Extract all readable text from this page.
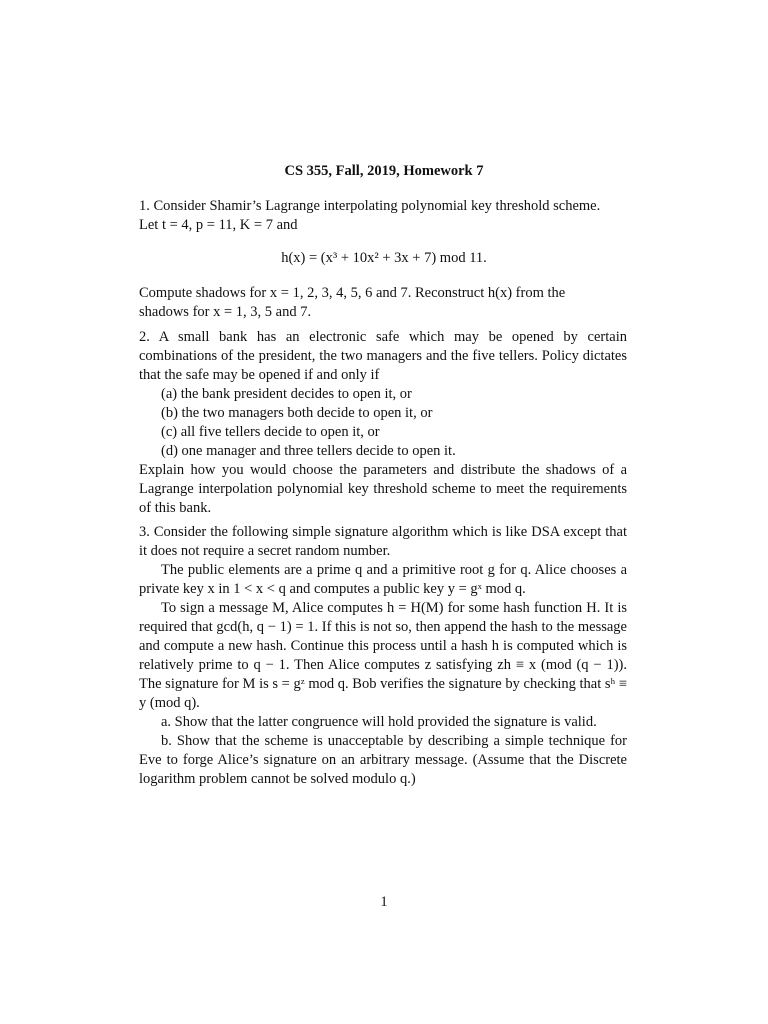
CS 355, Fall, 2019, Homework 7

1. Consider Shamir’s Lagrange interpolating polynomial key threshold scheme.

Let t = 4, p = 11, K = 7 and

h(x) = (x³ + 10x² + 3x + 7) mod 11.

Compute shadows for x = 1, 2, 3, 4, 5, 6 and 7. Reconstruct h(x) from the

shadows for x = 1, 3, 5 and 7.

2. A small bank has an electronic safe which may be opened by certain combinations of the president, the two managers and the five tellers. Policy dictates that the safe may be opened if and only if

(a) the bank president decides to open it, or

(b) the two managers both decide to open it, or

(c) all five tellers decide to open it, or

(d) one manager and three tellers decide to open it.

Explain how you would choose the parameters and distribute the shadows of a Lagrange interpolation polynomial key threshold scheme to meet the requirements of this bank.

3. Consider the following simple signature algorithm which is like DSA except that it does not require a secret random number.

The public elements are a prime q and a primitive root g for q. Alice chooses a private key x in 1 < x < q and computes a public key y = gˣ mod q.

To sign a message M, Alice computes h = H(M) for some hash function H. It is required that gcd(h, q − 1) = 1. If this is not so, then append the hash to the message and compute a new hash. Continue this process until a hash h is computed which is relatively prime to q − 1. Then Alice computes z satisfying zh ≡ x (mod (q − 1)). The signature for M is s = gᶻ mod q. Bob verifies the signature by checking that sʰ ≡ y (mod q).

a. Show that the latter congruence will hold provided the signature is valid.

b. Show that the scheme is unacceptable by describing a simple technique for Eve to forge Alice’s signature on an arbitrary message. (Assume that the Discrete logarithm problem cannot be solved modulo q.)

1
